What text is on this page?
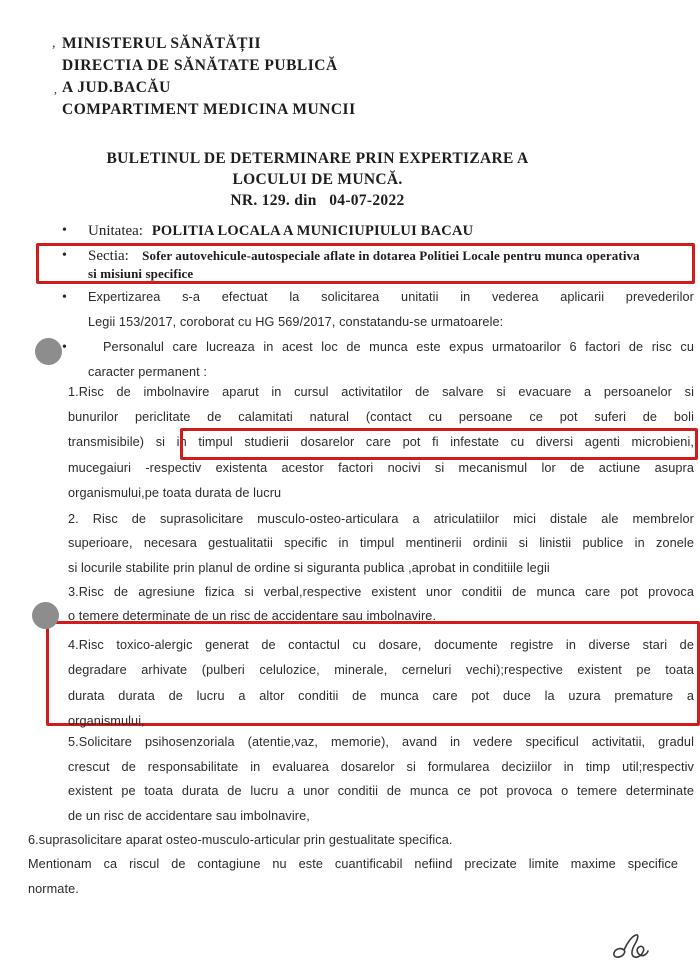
,
,
MINISTERUL SĂNĂTĂȚII
DIRECTIA DE SĂNĂTATE PUBLICĂ
A JUD.BACĂU
COMPARTIMENT MEDICINA MUNCII
BULETINUL DE DETERMINARE PRIN EXPERTIZARE A
LOCULUI DE MUNCĂ.
NR. 129. din   04-07-2022
•	Unitatea: POLITIA LOCALA A MUNICIUPIULUI BACAU
•	Sectia: Sofer autovehicule-autospeciale aflate in dotarea Politiei Locale pentru munca operativa
si misiuni specifice
•	Expertizarea s-a efectuat la solicitarea unitatii in vederea aplicarii prevederilor
Legii 153/2017, coroborat cu HG 569/2017, constatandu-se urmatoarele:
•	Personalul care lucreaza in acest loc de munca este expus urmatoarilor 6 factori de risc cu
caracter permanent :
1.Risc de imbolnavire aparut in cursul activitatilor de salvare si evacuare a persoanelor si
bunurilor periclitate de calamitati natural (contact cu persoane ce pot suferi de boli
transmisibile) si in timpul studierii dosarelor care pot fi infestate cu diversi agenti microbieni,
mucegaiuri -respectiv existenta acestor factori nocivi si mecanismul lor de actiune asupra
organismului,pe toata durata de lucru
2. Risc de suprasolicitare musculo-osteo-articulara a atriculatiilor mici distale ale membrelor
superioare, necesara gestualitatii specific in timpul mentinerii ordinii si linistii publice in zonele
si locurile stabilite prin planul de ordine si siguranta publica ,aprobat in conditiile legii
3.Risc de agresiune fizica si verbal,respective existent unor conditii de munca care pot provoca
o temere determinate de un risc de accidentare sau imbolnavire.
4.Risc toxico-alergic generat de contactul cu dosare, documente registre in diverse stari de
degradare arhivate (pulberi celulozice, minerale, cerneluri vechi);respective existent pe toata
durata durata de lucru a altor conditii de munca care pot duce la uzura premature a
organismului,
5.Solicitare psihosenzoriala (atentie,vaz, memorie), avand in vedere specificul activitatii, gradul
crescut de responsabilitate in evaluarea dosarelor si formularea deciziilor in timp util;respectiv
existent pe toata durata de lucru a unor conditii de munca ce pot provoca o temere determinate
de un risc de accidentare sau imbolnavire,
6.suprasolicitare aparat osteo-musculo-articular prin gestualitate specifica.
Mentionam ca riscul de contagiune nu este cuantificabil nefiind precizate limite maxime specifice
normate.
